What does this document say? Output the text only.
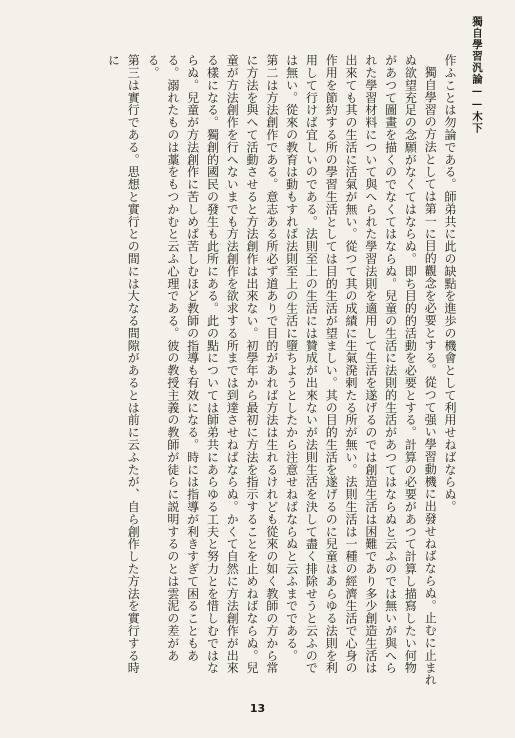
獨自學習汎論——木下

作ふことは勿論である。師弟共に此の缺點を進歩の機會として利用せねばならぬ。

獨自學習の方法としては第一に目的觀念を必要とする。從つて强い學習動機に出發せねばならぬ。止むに止まれぬ欲望充足の念願がなくてはならぬ。即ち目的的活動を必要とする。計算の必要があつて計算し描寫したい何物があつて圖畫を描くのでなくてはならぬ。兒童の生活に法則的生活があつてはならぬと云ふのでは無いが與へられた學習材料について與へられた學習法則を適用して生活を遂げるのでは創造生活は困難であり多少創造生活は出來ても其の生活に活氣が無い。從つて其の成績に生氣溌剌たる所が無い。法則生活は一種の經濟生活で心身の作用を節約する所の學習生活としては目的生活が望ましい。其の目的生活を遂げるのに兒童はあらゆる法則を利用して行けば宜しいのである。法則至上の生活には贊成が出來ないが法則生活を決して盡く排除せうと云ふのでは無い。從來の教育は動もすれば法則至上の生活に墮ちようとしたから注意せねばならぬと云ふまでである。

第二は方法創作である。意志ある所必ず道ありで目的があれば方法は生れるけれども從來の如く教師の方から常に方法を與へて活動させると方法創作は出來ない。初學年から最初に方法を指示することを止めねばならぬ。兒童が方法創作を行へないまでも方法創作を欲求する所までは到達させねばならぬ。かくて自然に方法創作が出來る樣になる。獨創的國民の發生も此所にある。此の點については師弟共にあらゆる工夫と努力とを惜しむではならぬ。兒童が方法創作に苦しめば苦しむほど教師の指導も有效になる。時には指導が利きすぎて困ることもある。溺れたものは藁をもつかむと云ふ心理である。彼の教授主義の教師が徒らに説明するのとは雲泥の差がある。

第三は實行である。思想と實行との間には大なる間隙があるとは前に云ふたが、自ら創作した方法を實行する時に

13
